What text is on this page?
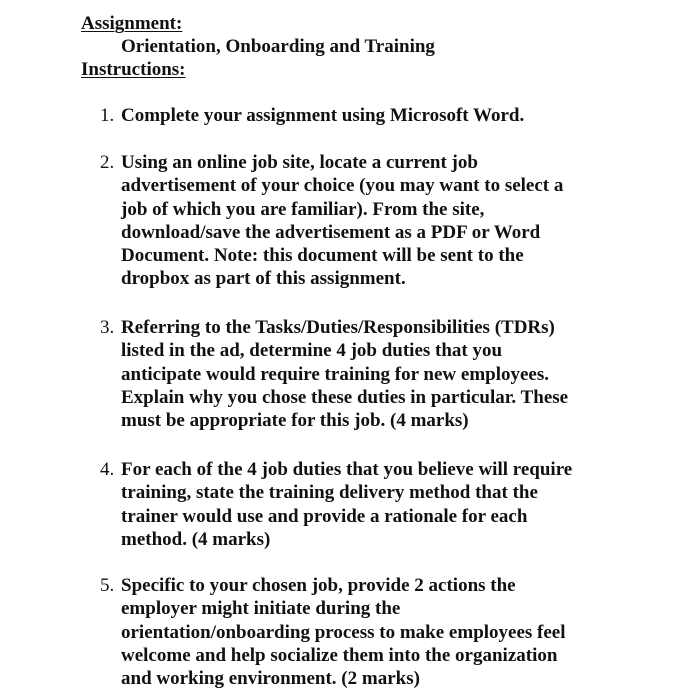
Assignment:
Orientation, Onboarding and Training
Instructions:
1. Complete your assignment using Microsoft Word.
2. Using an online job site, locate a current job
advertisement of your choice (you may want to select a
job of which you are familiar). From the site,
download/save the advertisement as a PDF or Word
Document. Note: this document will be sent to the
dropbox as part of this assignment.
3. Referring to the Tasks/Duties/Responsibilities (TDRs)
listed in the ad, determine 4 job duties that you
anticipate would require training for new employees.
Explain why you chose these duties in particular. These
must be appropriate for this job. (4 marks)
4. For each of the 4 job duties that you believe will require
training, state the training delivery method that the
trainer would use and provide a rationale for each
method. (4 marks)
5. Specific to your chosen job, provide 2 actions the
employer might initiate during the
orientation/onboarding process to make employees feel
welcome and help socialize them into the organization
and working environment. (2 marks)
